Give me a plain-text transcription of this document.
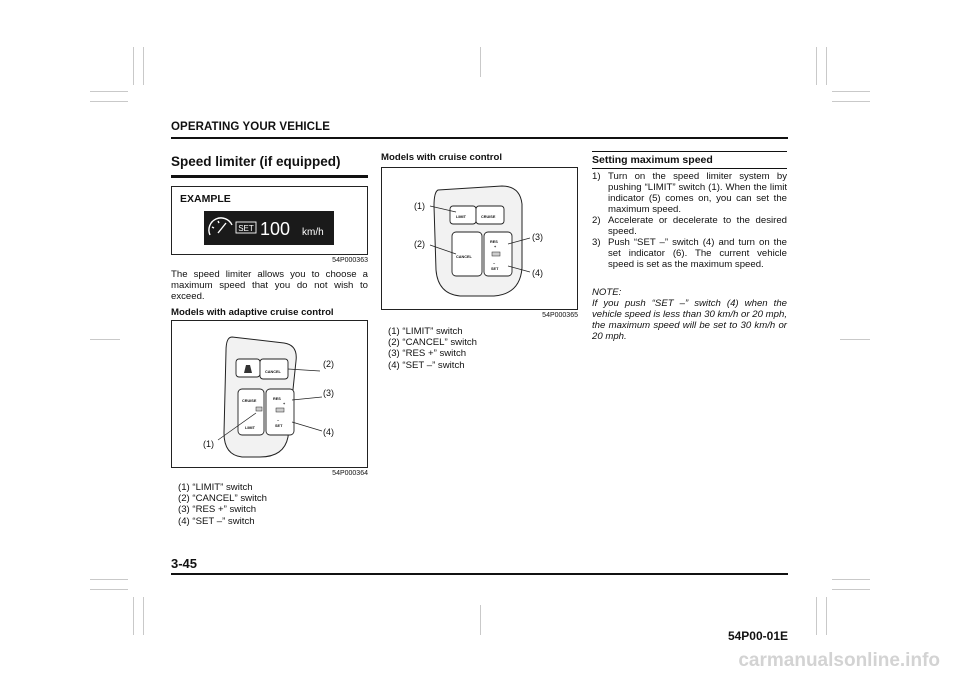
OPERATING YOUR VEHICLE
Speed limiter (if equipped)
EXAMPLE
SET 100 km/h
54P000363
The speed limiter allows you to choose a maximum speed that you do not wish to exceed.
Models with adaptive cruise control
CANCEL
CRUISE
LIMIT
RES
+
−
SET
(2)
(3)
(4)
(1)
54P000364
(1) “LIMIT” switch
(2) “CANCEL” switch
(3) “RES +” switch
(4) “SET –” switch
Models with cruise control
LIMIT	CRUISE
CANCEL
RES
+
−
SET
(1)
(2)
(3)
(4)
54P000365
(1) “LIMIT” switch
(2) “CANCEL” switch
(3) “RES +” switch
(4) “SET –” switch
Setting maximum speed
1) Turn on the speed limiter system by pushing “LIMIT” switch (1). When the limit indicator (5) comes on, you can set the maximum speed.
2) Accelerate or decelerate to the desired speed.
3) Push “SET –” switch (4) and turn on the set indicator (6). The current vehicle speed is set as the maximum speed.
NOTE:
If you push “SET –” switch (4) when the vehicle speed is less than 30 km/h or 20 mph, the maximum speed will be set to 30 km/h or 20 mph.
3-45
54P00-01E
carmanualsonline.info
